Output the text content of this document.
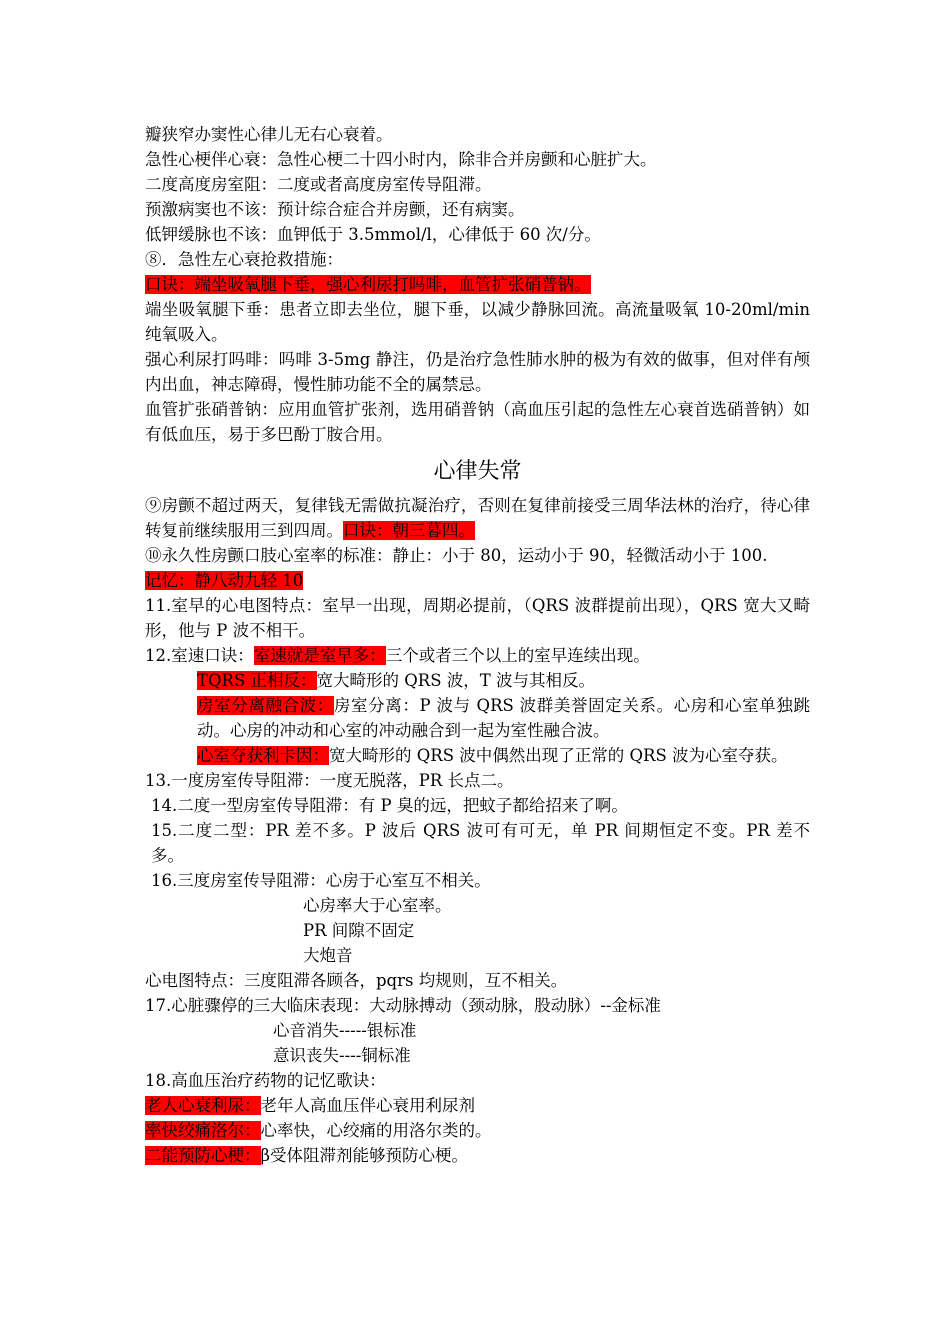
瓣狭窄办窦性心律儿无右心衰着。

急性心梗伴心衰：急性心梗二十四小时内，除非合并房颤和心脏扩大。

二度高度房室阻：二度或者高度房室传导阻滞。

预激病窦也不该：预计综合症合并房颤，还有病窦。

低钾缓脉也不该：血钾低于 3.5mmol/l，心律低于 60 次/分。

⑧．急性左心衰抢救措施：

口诀：端坐吸氧腿下垂，强心利尿打吗啡，血管扩张硝普钠。

端坐吸氧腿下垂：患者立即去坐位，腿下垂，以减少静脉回流。高流量吸氧 10-20ml/min 纯氧吸入。

强心利尿打吗啡：吗啡 3-5mg 静注，仍是治疗急性肺水肿的极为有效的做事，但对伴有颅内出血，神志障碍，慢性肺功能不全的属禁忌。

血管扩张硝普钠：应用血管扩张剂，选用硝普钠（高血压引起的急性左心衰首选硝普钠）如有低血压，易于多巴酚丁胺合用。

心律失常

⑨房颤不超过两天，复律钱无需做抗凝治疗，否则在复律前接受三周华法林的治疗，待心律转复前继续服用三到四周。口诀：朝三暮四。

⑩永久性房颤口肢心室率的标准：静止：小于 80，运动小于 90，轻微活动小于 100.

记忆：静八动九轻 10

11.室早的心电图特点：室早一出现，周期必提前，（QRS 波群提前出现），QRS 宽大又畸形，他与 P 波不相干。

12.室速口诀：室速就是室早多：三个或者三个以上的室早连续出现。

TQRS 正相反：宽大畸形的 QRS 波，T 波与其相反。

房室分离融合波：房室分离：P 波与 QRS 波群美誉固定关系。心房和心室单独跳动。心房的冲动和心室的冲动融合到一起为室性融合波。

心室夺获利卡因：宽大畸形的 QRS 波中偶然出现了正常的 QRS 波为心室夺获。

13.一度房室传导阻滞：一度无脱落，PR 长点二。

14.二度一型房室传导阻滞：有 P 臭的远，把蚊子都给招来了啊。

15.二度二型：PR 差不多。P 波后 QRS 波可有可无，单 PR 间期恒定不变。PR 差不多。

16.三度房室传导阻滞：心房于心室互不相关。

心房率大于心室率。

PR 间隙不固定

大炮音

心电图特点：三度阻滞各顾各，pqrs 均规则，互不相关。

17.心脏骤停的三大临床表现：大动脉搏动（颈动脉，股动脉）--金标准

心音消失-----银标准

意识丧失----铜标准

18.高血压治疗药物的记忆歌诀：

老人心衰利尿：老年人高血压伴心衰用利尿剂

率快绞痛洛尔：心率快，心绞痛的用洛尔类的。

二能预防心梗：β受体阻滞剂能够预防心梗。
